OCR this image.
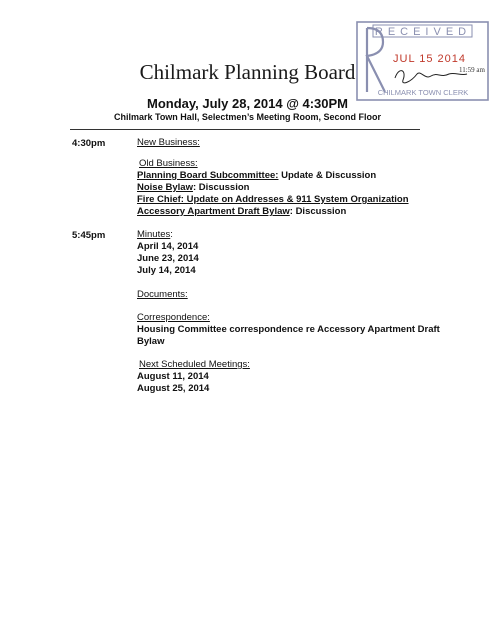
RECEIVED
JUL 15 2014
11:59 am
CHILMARK TOWN CLERK
Chilmark Planning Board
Monday, July 28, 2014 @ 4:30PM
Chilmark Town Hall, Selectmen’s Meeting Room, Second Floor
4:30pm	New Business:
Old Business:
Planning Board Subcommittee: Update & Discussion
Noise Bylaw: Discussion
Fire Chief: Update on Addresses & 911 System Organization
Accessory Apartment Draft Bylaw: Discussion
5:45pm	Minutes:
April 14, 2014
June 23, 2014
July 14, 2014
Documents:
Correspondence:
Housing Committee correspondence re Accessory Apartment Draft
Bylaw
Next Scheduled Meetings:
August 11, 2014
August 25, 2014
